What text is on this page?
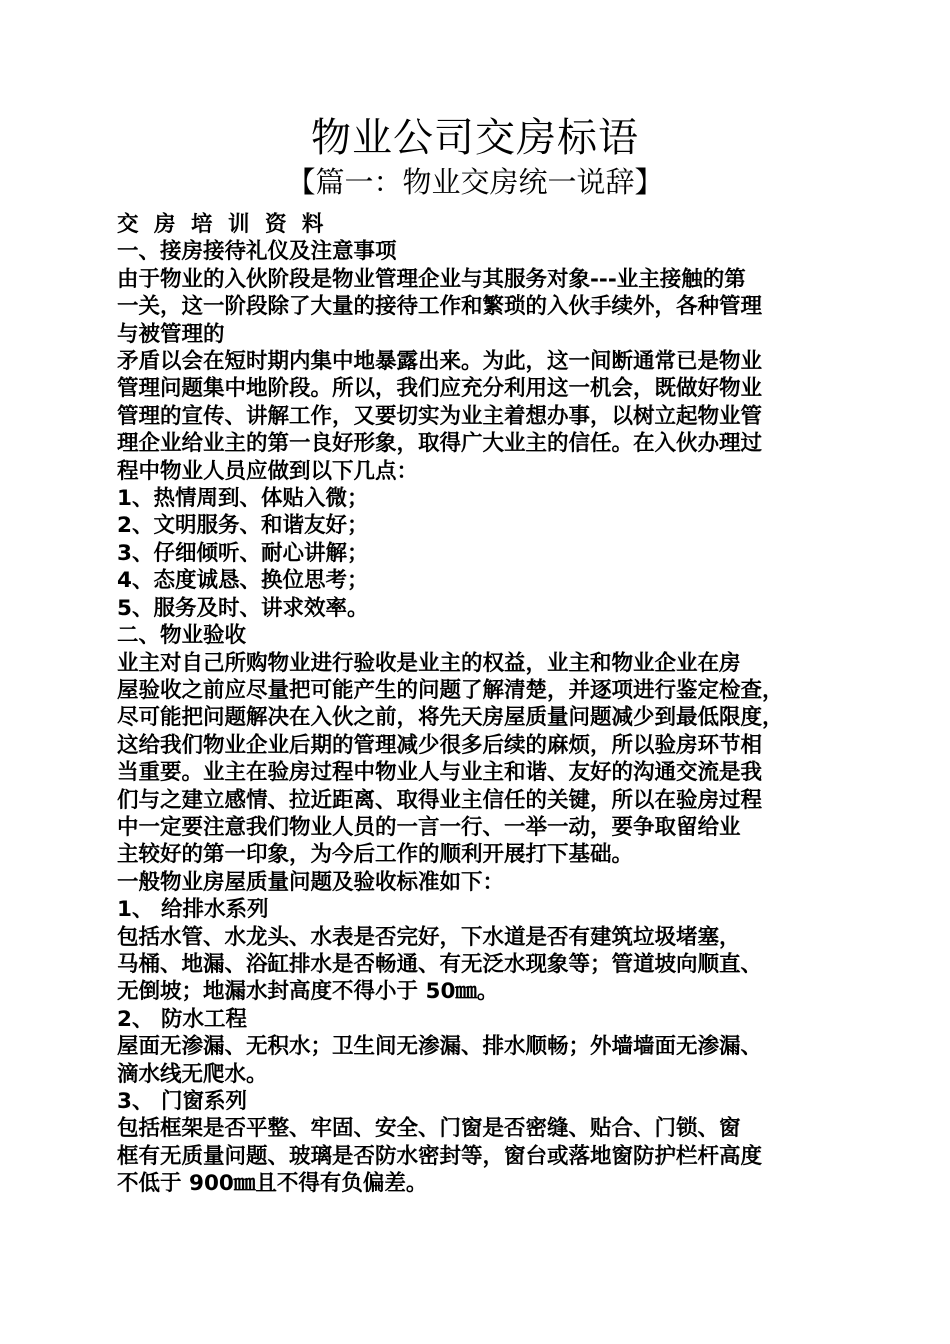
物业公司交房标语
【篇一：物业交房统一说辞】

交 房 培 训 资 料

一、接房接待礼仪及注意事项

由于物业的入伙阶段是物业管理企业与其服务对象---业主接触的第

一关，这一阶段除了大量的接待工作和繁琐的入伙手续外，各种管理

与被管理的

矛盾以会在短时期内集中地暴露出来。为此，这一间断通常已是物业

管理问题集中地阶段。所以，我们应充分利用这一机会，既做好物业

管理的宣传、讲解工作，又要切实为业主着想办事，以树立起物业管

理企业给业主的第一良好形象，取得广大业主的信任。在入伙办理过

程中物业人员应做到以下几点：

1、热情周到、体贴入微；

2、文明服务、和谐友好；

3、仔细倾听、耐心讲解；

4、态度诚恳、换位思考；

5、服务及时、讲求效率。

二、物业验收

业主对自己所购物业进行验收是业主的权益，业主和物业企业在房

屋验收之前应尽量把可能产生的问题了解清楚，并逐项进行鉴定检查，

尽可能把问题解决在入伙之前，将先天房屋质量问题减少到最低限度，

这给我们物业企业后期的管理减少很多后续的麻烦，所以验房环节相

当重要。业主在验房过程中物业人与业主和谐、友好的沟通交流是我

们与之建立感情、拉近距离、取得业主信任的关键，所以在验房过程

中一定要注意我们物业人员的一言一行、一举一动，要争取留给业

主较好的第一印象，为今后工作的顺利开展打下基础。

一般物业房屋质量问题及验收标准如下：

1、 给排水系列

包括水管、水龙头、水表是否完好，下水道是否有建筑垃圾堵塞，

马桶、地漏、浴缸排水是否畅通、有无泛水现象等；管道坡向顺直、

无倒坡；地漏水封高度不得小于 50㎜。

2、 防水工程

屋面无渗漏、无积水；卫生间无渗漏、排水顺畅；外墙墙面无渗漏、

滴水线无爬水。

3、 门窗系列

包括框架是否平整、牢固、安全、门窗是否密缝、贴合、门锁、窗

框有无质量问题、玻璃是否防水密封等，窗台或落地窗防护栏杆高度

不低于 900㎜且不得有负偏差。
